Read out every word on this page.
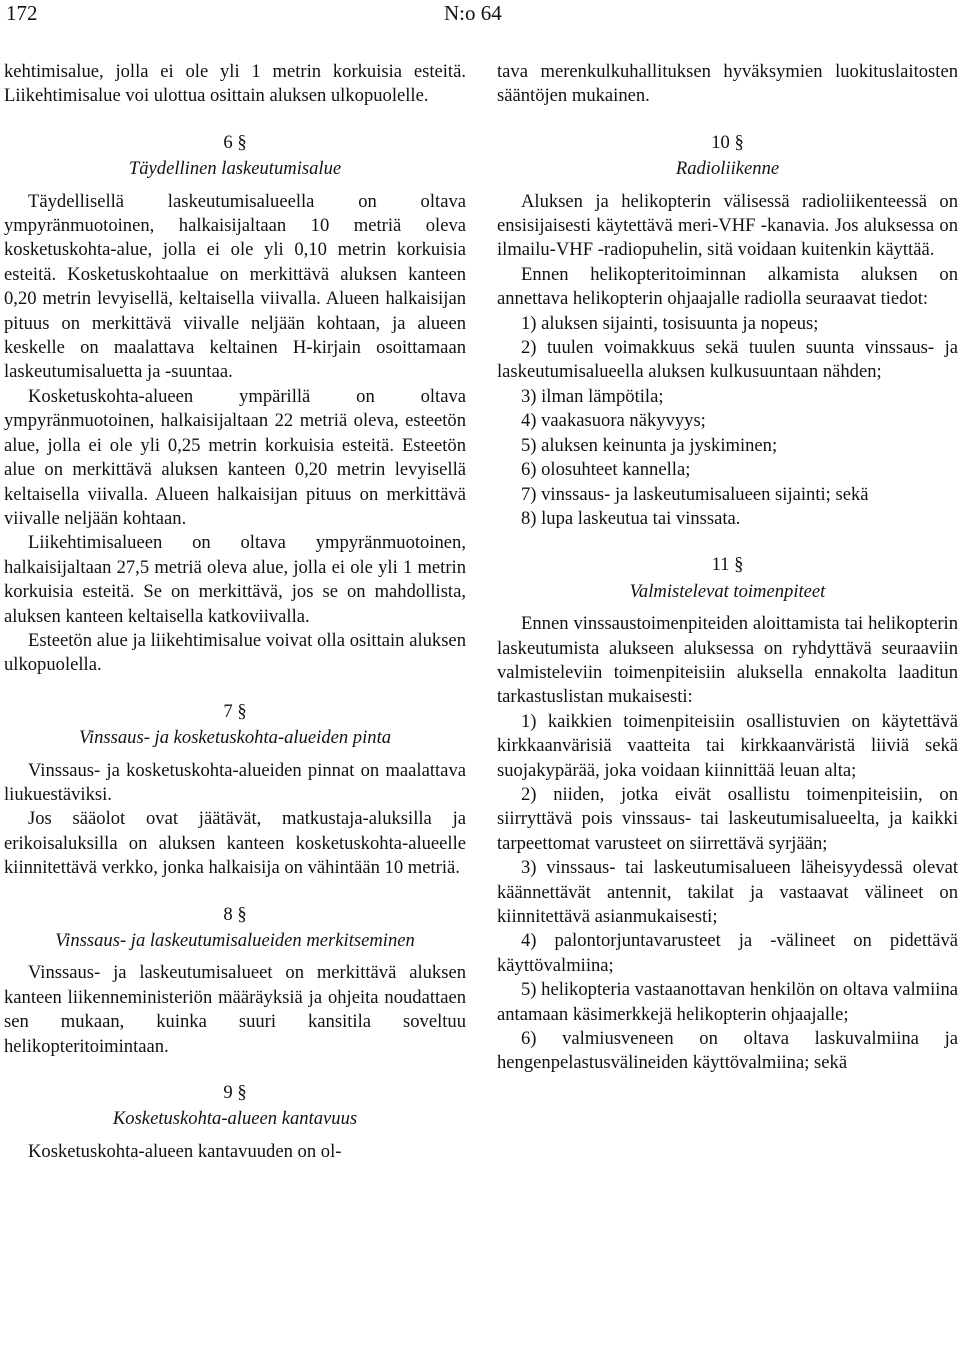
172	N:o 64

kehtimisalue, jolla ei ole yli 1 metrin korkuisia esteitä. Liikehtimisalue voi ulottua osittain aluksen ulkopuolelle.

6 §
Täydellinen laskeutumisalue

Täydellisellä laskeutumisalueella on oltava ympyränmuotoinen, halkaisijaltaan 10 metriä oleva kosketuskohta-alue, jolla ei ole yli 0,10 metrin korkuisia esteitä. Kosketuskohtaalue on merkittävä aluksen kanteen 0,20 metrin levyisellä, keltaisella viivalla. Alueen halkaisijan pituus on merkittävä viivalle neljään kohtaan, ja alueen keskelle on maalattava keltainen H-kirjain osoittamaan laskeutumisaluetta ja -suuntaa.

Kosketuskohta-alueen ympärillä on oltava ympyränmuotoinen, halkaisijaltaan 22 metriä oleva, esteetön alue, jolla ei ole yli 0,25 metrin korkuisia esteitä. Esteetön alue on merkittävä aluksen kanteen 0,20 metrin levyisellä keltaisella viivalla. Alueen halkaisijan pituus on merkittävä viivalle neljään kohtaan.

Liikehtimisalueen on oltava ympyränmuotoinen, halkaisijaltaan 27,5 metriä oleva alue, jolla ei ole yli 1 metrin korkuisia esteitä. Se on merkittävä, jos se on mahdollista, aluksen kanteen keltaisella katkoviivalla.

Esteetön alue ja liikehtimisalue voivat olla osittain aluksen ulkopuolella.

7 §
Vinssaus- ja kosketuskohta-alueiden pinta

Vinssaus- ja kosketuskohta-alueiden pinnat on maalattava liukuestäviksi.

Jos sääolot ovat jäätävät, matkustaja-aluksilla ja erikoisaluksilla on aluksen kanteen kosketuskohta-alueelle kiinnitettävä verkko, jonka halkaisija on vähintään 10 metriä.

8 §
Vinssaus- ja laskeutumisalueiden merkitseminen

Vinssaus- ja laskeutumisalueet on merkittävä aluksen kanteen liikenneministeriön määräyksiä ja ohjeita noudattaen sen mukaan, kuinka suuri kansitila soveltuu helikopteritoimintaan.

9 §
Kosketuskohta-alueen kantavuus

Kosketuskohta-alueen kantavuuden on ol-

tava merenkulkuhallituksen hyväksymien luokituslaitosten sääntöjen mukainen.

10 §
Radioliikenne

Aluksen ja helikopterin välisessä radioliikenteessä on ensisijaisesti käytettävä meri-VHF -kanavia. Jos aluksessa on ilmailu-VHF -radiopuhelin, sitä voidaan kuitenkin käyttää.

Ennen helikopteritoiminnan alkamista aluksen on annettava helikopterin ohjaajalle radiolla seuraavat tiedot:

1) aluksen sijainti, tosisuunta ja nopeus;

2) tuulen voimakkuus sekä tuulen suunta vinssaus- ja laskeutumisalueella aluksen kulkusuuntaan nähden;

3) ilman lämpötila;

4) vaakasuora näkyvyys;

5) aluksen keinunta ja jyskiminen;

6) olosuhteet kannella;

7) vinssaus- ja laskeutumisalueen sijainti; sekä

8) lupa laskeutua tai vinssata.

11 §
Valmistelevat toimenpiteet

Ennen vinssaustoimenpiteiden aloittamista tai helikopterin laskeutumista alukseen aluksessa on ryhdyttävä seuraaviin valmisteleviin toimenpiteisiin aluksella ennakolta laaditun tarkastuslistan mukaisesti:

1) kaikkien toimenpiteisiin osallistuvien on käytettävä kirkkaanvärisiä vaatteita tai kirkkaanväristä liiviä sekä suojakypärää, joka voidaan kiinnittää leuan alta;

2) niiden, jotka eivät osallistu toimenpiteisiin, on siirryttävä pois vinssaus- tai laskeutumisalueelta, ja kaikki tarpeettomat varusteet on siirrettävä syrjään;

3) vinssaus- tai laskeutumisalueen läheisyydessä olevat käännettävät antennit, takilat ja vastaavat välineet on kiinnitettävä asianmukaisesti;

4) palontorjuntavarusteet ja -välineet on pidettävä käyttövalmiina;

5) helikopteria vastaanottavan henkilön on oltava valmiina antamaan käsimerkkejä helikopterin ohjaajalle;

6) valmiusveneen on oltava laskuvalmiina ja hengenpelastusvälineiden käyttövalmiina; sekä
